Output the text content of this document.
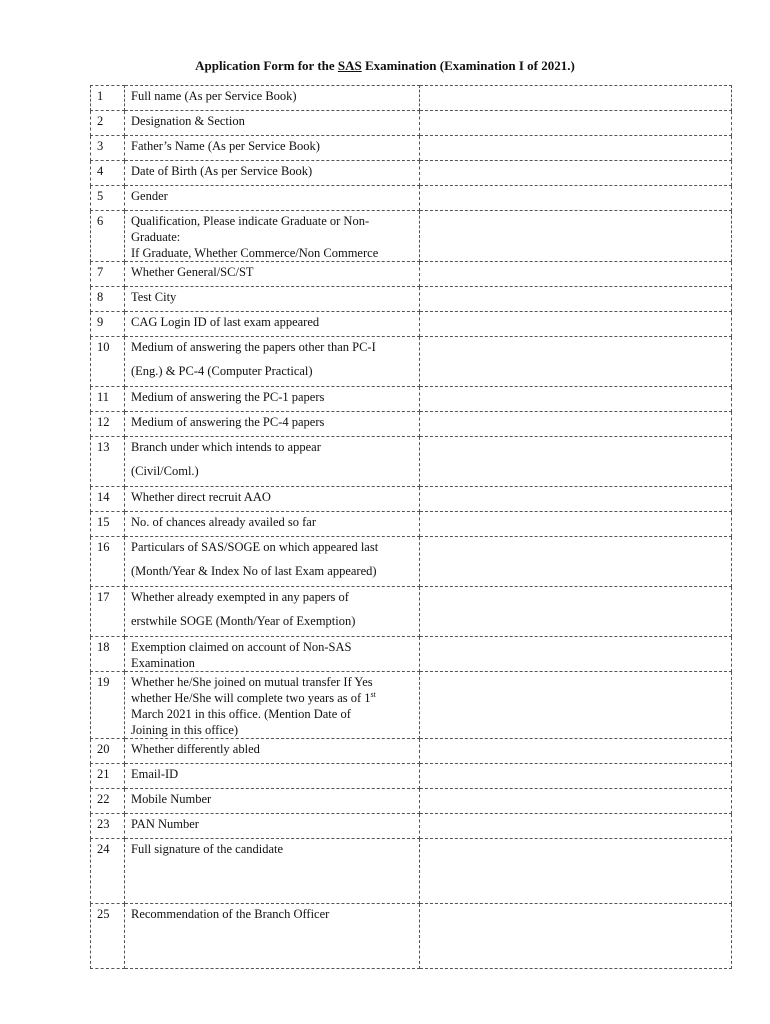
Application Form for the SAS Examination (Examination I of 2021.)
1	Full name (As per Service Book)	

2	Designation & Section	

3	Father’s Name (As per Service Book)	

4	Date of Birth (As per Service Book)	

5	Gender	

6	Qualification, Please indicate Graduate or Non-
Graduate:
If Graduate, Whether Commerce/Non Commerce	

7	Whether General/SC/ST	

8	Test City	

9	CAG Login ID of last exam appeared	

10	Medium of answering the papers other than PC-I
(Eng.) & PC-4 (Computer Practical)	

11	Medium of answering the PC-1 papers	

12	Medium of answering the PC-4 papers	

13	Branch under which intends to appear
(Civil/Coml.)	

14	Whether direct recruit AAO	

15	No. of chances already availed so far	

16	Particulars of SAS/SOGE on which appeared last
(Month/Year & Index No of last Exam appeared)	

17	Whether already exempted in any papers of
erstwhile SOGE (Month/Year of Exemption)	

18	Exemption claimed on account of Non-SAS
Examination	

19	Whether he/She joined on mutual transfer If Yes
whether He/She will complete two years as of 1st
March 2021 in this office. (Mention Date of
Joining in this office)	

20	Whether differently abled	

21	Email-ID	

22	Mobile Number	

23	PAN Number	

24	Full signature of the candidate	

25	Recommendation of the Branch Officer	
